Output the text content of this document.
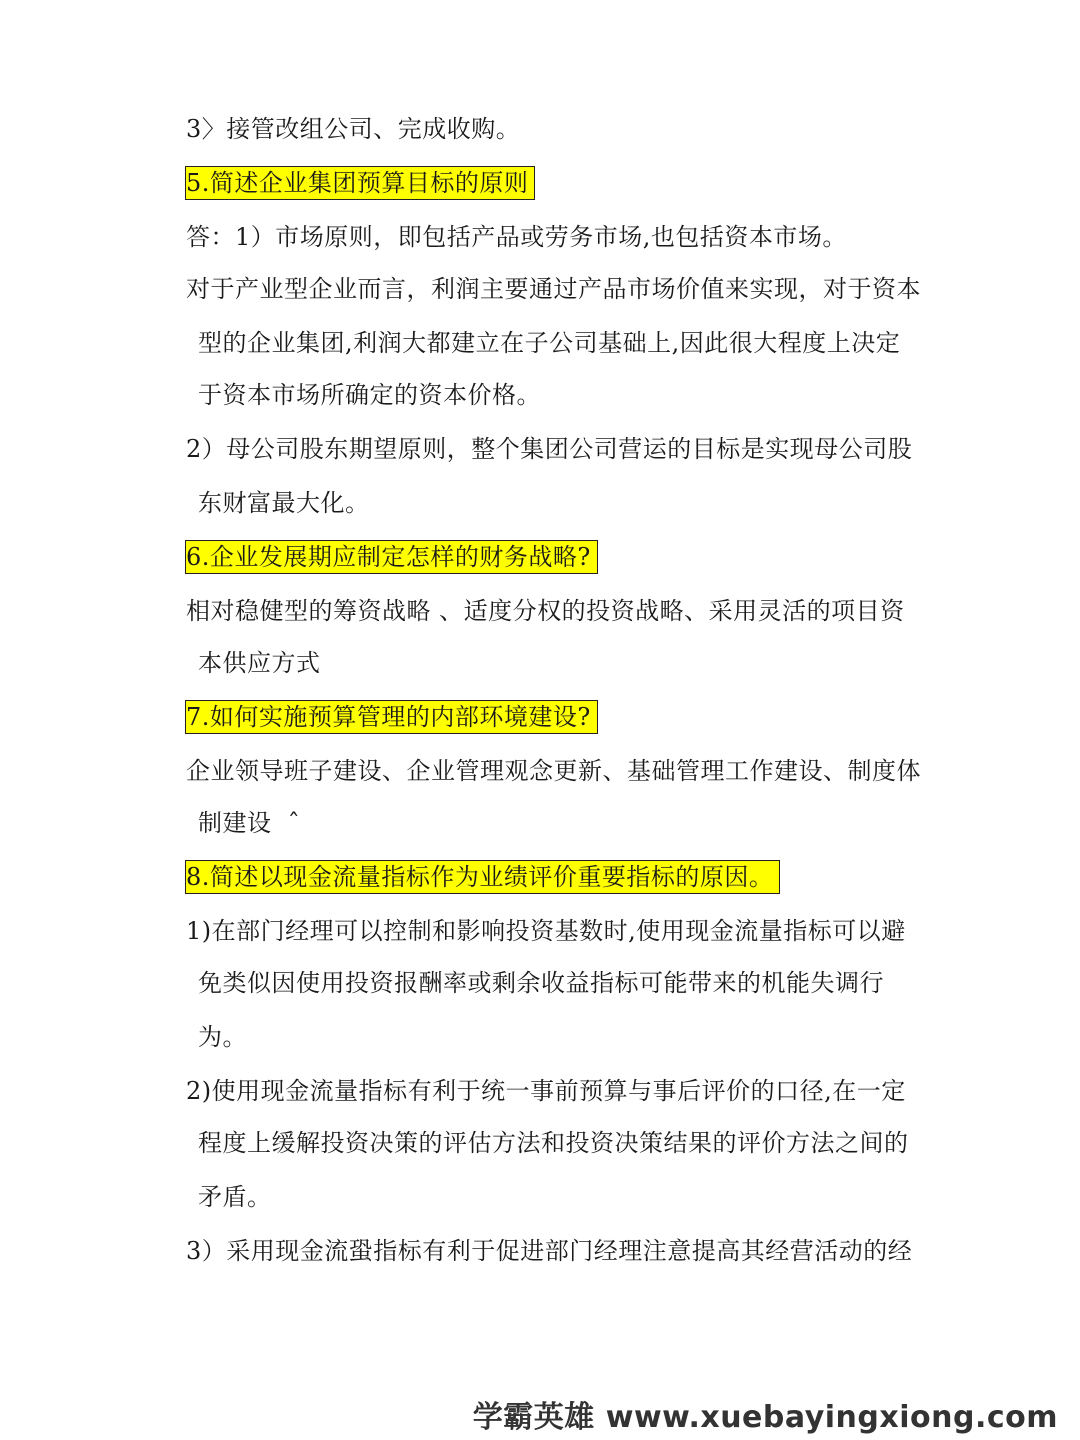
3〉接管改组公司、完成收购。
5.简述企业集团预算目标的原则
答：1）市场原则，即包括产品或劳务市场,也包括资本市场。
对于产业型企业而言，利润主要通过产品市场价值来实现，对于资本
型的企业集团,利润大都建立在子公司基础上,因此很大程度上决定
于资本市场所确定的资本价格。
2）母公司股东期望原则，整个集团公司营运的目标是实现母公司股
东财富最大化。
6.企业发展期应制定怎样的财务战略?
相对稳健型的筹资战略 、适度分权的投资战略、采用灵活的项目资
本供应方式
7.如何实施预算管理的内部环境建设?
企业领导班子建设、企业管理观念更新、基础管理工作建设、制度体
制建设  ˆ
8.简述以现金流量指标作为业绩评价重要指标的原因。
1)在部门经理可以控制和影响投资基数时,使用现金流量指标可以避
免类似因使用投资报酬率或剩余收益指标可能带来的机能失调行
为。
2)使用现金流量指标有利于统一事前预算与事后评价的口径,在一定
程度上缓解投资决策的评估方法和投资决策结果的评价方法之间的
矛盾。
3）采用现金流蛩指标有利于促进部门经理注意提高其经营活动的经
学霸英雄 www.xuebayingxiong.com
